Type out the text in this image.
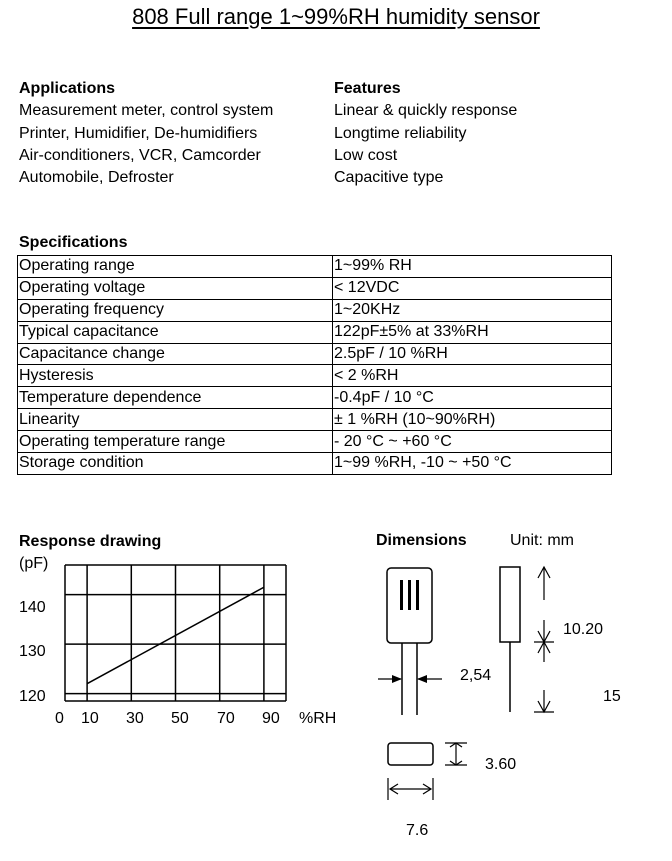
808 Full range 1~99%RH humidity sensor
Applications
Measurement meter, control system
Printer, Humidifier, De-humidifiers
Air-conditioners, VCR, Camcorder
Automobile, Defroster
Features
Linear & quickly response
Longtime reliability
Low cost
Capacitive type
Specifications
Operating range	1~99% RH
Operating voltage	< 12VDC
Operating frequency	1~20KHz
Typical capacitance	122pF±5% at 33%RH
Capacitance change	2.5pF / 10 %RH
Hysteresis	< 2 %RH
Temperature dependence	-0.4pF / 10 °C
Linearity	± 1 %RH (10~90%RH)
Operating temperature range	- 20 °C ~ +60 °C
Storage condition	1~99 %RH, -10 ~ +50 °C
Response drawing
(pF)
140
130
120
0 10 30 50 70 90 %RH
Dimensions	Unit: mm
10.20
2,54
15
3.60
7.6
